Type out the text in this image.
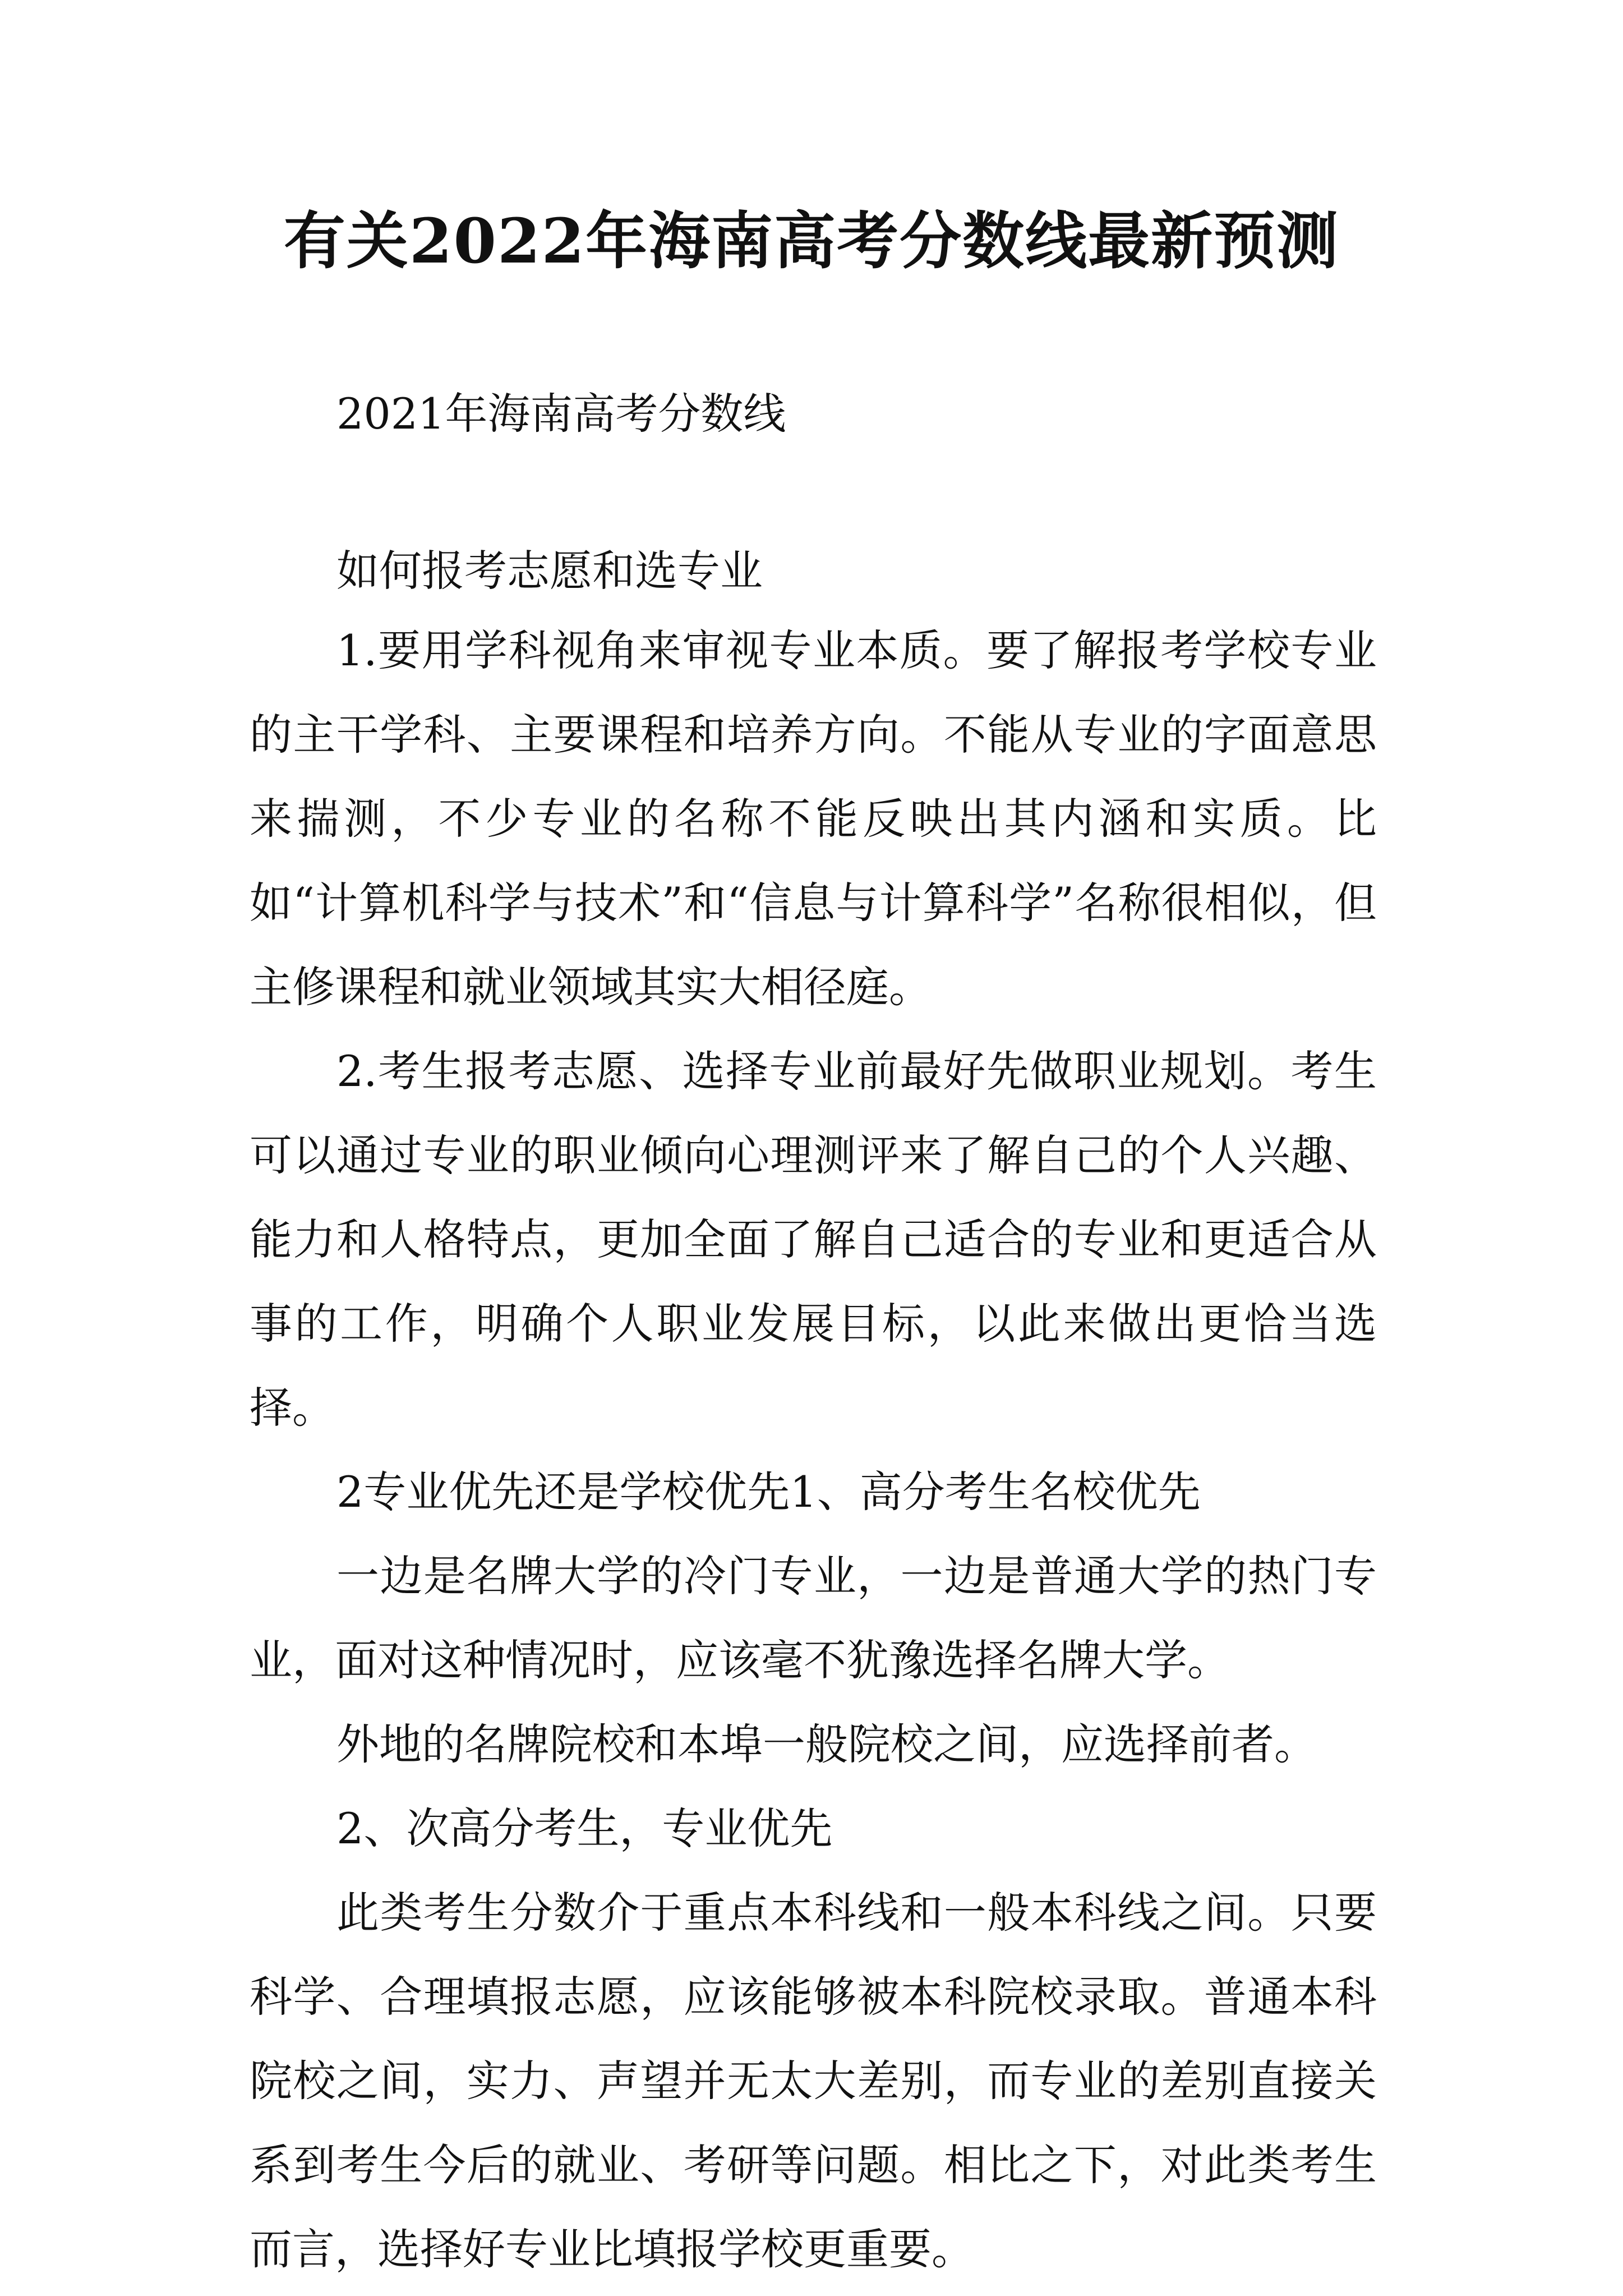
有关2022年海南高考分数线最新预测

2021年海南高考分数线

如何报考志愿和选专业

1.要用学科视角来审视专业本质。要了解报考学校专业的主干学科、主要课程和培养方向。不能从专业的字面意思来揣测，不少专业的名称不能反映出其内涵和实质。比如“计算机科学与技术”和“信息与计算科学”名称很相似，但主修课程和就业领域其实大相径庭。

2.考生报考志愿、选择专业前最好先做职业规划。考生可以通过专业的职业倾向心理测评来了解自己的个人兴趣、能力和人格特点，更加全面了解自己适合的专业和更适合从事的工作，明确个人职业发展目标，以此来做出更恰当选择。

2专业优先还是学校优先1、高分考生名校优先

一边是名牌大学的冷门专业，一边是普通大学的热门专业，面对这种情况时，应该毫不犹豫选择名牌大学。

外地的名牌院校和本埠一般院校之间，应选择前者。

2、次高分考生，专业优先

此类考生分数介于重点本科线和一般本科线之间。只要科学、合理填报志愿，应该能够被本科院校录取。普通本科院校之间，实力、声望并无太大差别，而专业的差别直接关系到考生今后的就业、考研等问题。相比之下，对此类考生而言，选择好专业比填报学校更重要。
